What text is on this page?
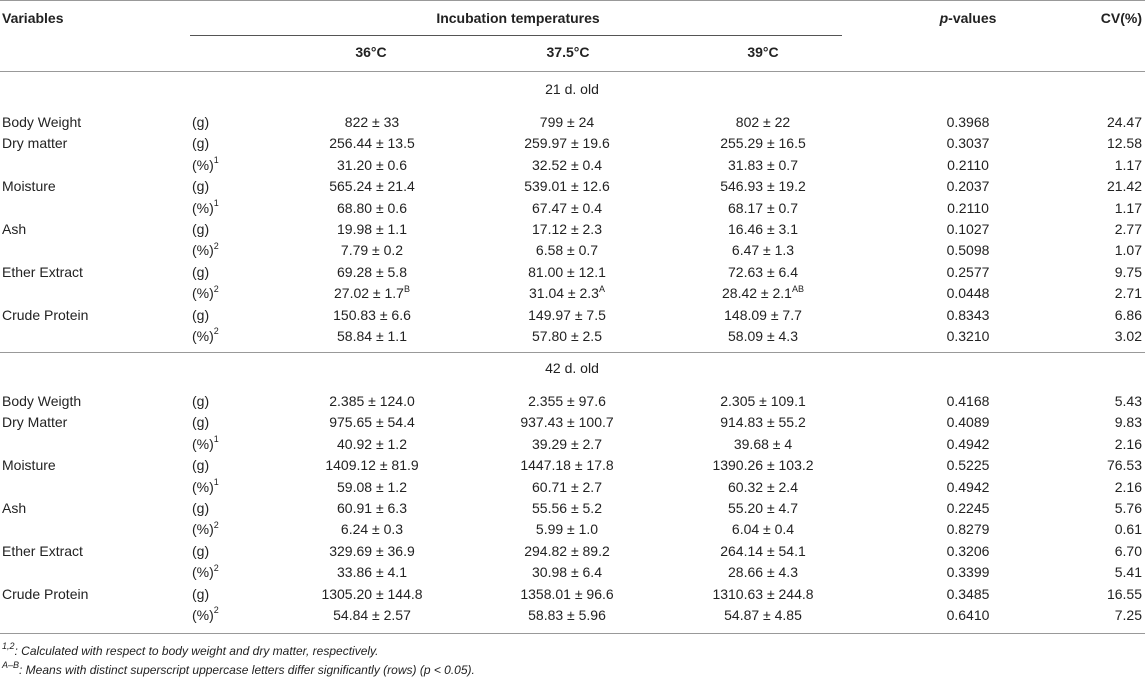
Variables	Incubation temperatures	p-values	CV(%)
36°C	37.5°C	39°C
21 d. old
Body Weight	(g)	822 ± 33	799 ± 24	802 ± 22	0.3968	24.47
Dry matter	(g)	256.44 ± 13.5	259.97 ± 19.6	255.29 ± 16.5	0.3037	12.58
(%)$^1$	31.20 ± 0.6	32.52 ± 0.4	31.83 ± 0.7	0.2110	1.17
Moisture	(g)	565.24 ± 21.4	539.01 ± 12.6	546.93 ± 19.2	0.2037	21.42
(%)$^1$	68.80 ± 0.6	67.47 ± 0.4	68.17 ± 0.7	0.2110	1.17
Ash	(g)	19.98 ± 1.1	17.12 ± 2.3	16.46 ± 3.1	0.1027	2.77
(%)$^2$	7.79 ± 0.2	6.58 ± 0.7	6.47 ± 1.3	0.5098	1.07
Ether Extract	(g)	69.28 ± 5.8	81.00 ± 12.1	72.63 ± 6.4	0.2577	9.75
(%)$^2$	$27.02 \pm 1.7^B$	$31.04 \pm 2.3^A$	$28.42 \pm 2.1^{AB}$	0.0448	2.71
Crude Protein	(g)	150.83 ± 6.6	149.97 ± 7.5	148.09 ± 7.7	0.8343	6.86
(%)$^2$	58.84 ± 1.1	57.80 ± 2.5	58.09 ± 4.3	0.3210	3.02
42 d. old
Body Weigth	(g)	2.385 ± 124.0	2.355 ± 97.6	2.305 ± 109.1	0.4168	5.43
Dry Matter	(g)	975.65 ± 54.4	937.43 ± 100.7	914.83 ± 55.2	0.4089	9.83
(%)$^1$	40.92 ± 1.2	39.29 ± 2.7	39.68 ± 4	0.4942	2.16
Moisture	(g)	1409.12 ± 81.9	1447.18 ± 17.8	1390.26 ± 103.2	0.5225	76.53
(%)$^1$	59.08 ± 1.2	60.71 ± 2.7	60.32 ± 2.4	0.4942	2.16
Ash	(g)	60.91 ± 6.3	55.56 ± 5.2	55.20 ± 4.7	0.2245	5.76
(%)$^2$	6.24 ± 0.3	5.99 ± 1.0	6.04 ± 0.4	0.8279	0.61
Ether Extract	(g)	329.69 ± 36.9	294.82 ± 89.2	264.14 ± 54.1	0.3206	6.70
(%)$^2$	33.86 ± 4.1	30.98 ± 6.4	28.66 ± 4.3	0.3399	5.41
Crude Protein	(g)	1305.20 ± 144.8	1358.01 ± 96.6	1310.63 ± 244.8	0.3485	16.55
(%)$^2$	54.84 ± 2.57	58.83 ± 5.96	54.87 ± 4.85	0.6410	7.25
$^{1,2}$: Calculated with respect to body weight and dry matter, respectively.
$^{A-B}$: Means with distinct superscript uppercase letters differ significantly (rows) (p < 0.05).
